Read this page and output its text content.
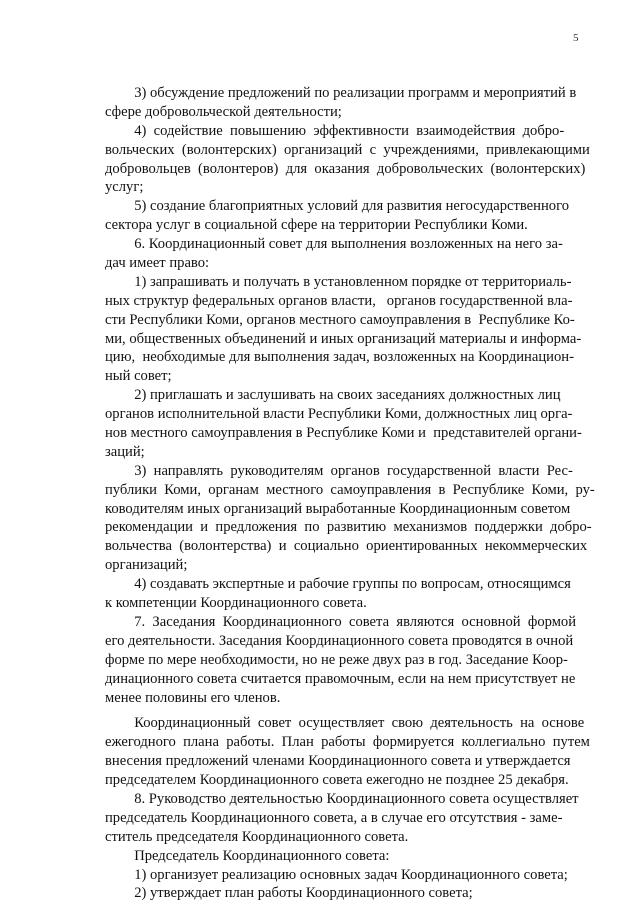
5
3) обсуждение предложений по реализации программ и мероприятий в
сфере добровольческой деятельности;
4)  содействие  повышению  эффективности  взаимодействия  добро-
вольческих  (волонтерских)  организаций  с  учреждениями,  привлекающими
добровольцев  (волонтеров)  для  оказания  добровольческих  (волонтерских)
услуг;
5) создание благоприятных условий для развития негосударственного
сектора услуг в социальной сфере на территории Республики Коми.
6. Координационный совет для выполнения возложенных на него за-
дач имеет право:
1) запрашивать и получать в установленном порядке от территориаль-
ных структур федеральных органов власти,   органов государственной вла-
сти Республики Коми, органов местного самоуправления в  Республике Ко-
ми, общественных объединений и иных организаций материалы и информа-
цию,  необходимые для выполнения задач, возложенных на Координацион-
ный совет;
2) приглашать и заслушивать на своих заседаниях должностных лиц
органов исполнительной власти Республики Коми, должностных лиц орга-
нов местного самоуправления в Республике Коми и  представителей органи-
заций;
3)  направлять  руководителям  органов  государственной  власти  Рес-
публики  Коми,  органам  местного  самоуправления  в  Республике  Коми,  ру-
ководителям иных организаций выработанные Координационным советом
рекомендации  и  предложения  по  развитию  механизмов  поддержки  добро-
вольчества  (волонтерства)  и  социально  ориентированных  некоммерческих
организаций;
4) создавать экспертные и рабочие группы по вопросам, относящимся
к компетенции Координационного совета.
7.  Заседания  Координационного  совета  являются  основной  формой
его деятельности. Заседания Координационного совета проводятся в очной
форме по мере необходимости, но не реже двух раз в год. Заседание Коор-
динационного совета считается правомочным, если на нем присутствует не
менее половины его членов.
Координационный  совет  осуществляет  свою  деятельность  на  основе
ежегодного  плана  работы.  План  работы  формируется  коллегиально  путем
внесения предложений членами Координационного совета и утверждается
председателем Координационного совета ежегодно не позднее 25 декабря.
8. Руководство деятельностью Координационного совета осуществляет
председатель Координационного совета, а в случае его отсутствия - заме-
ститель председателя Координационного совета.
Председатель Координационного совета:
1) организует реализацию основных задач Координационного совета;
2) утверждает план работы Координационного совета;
